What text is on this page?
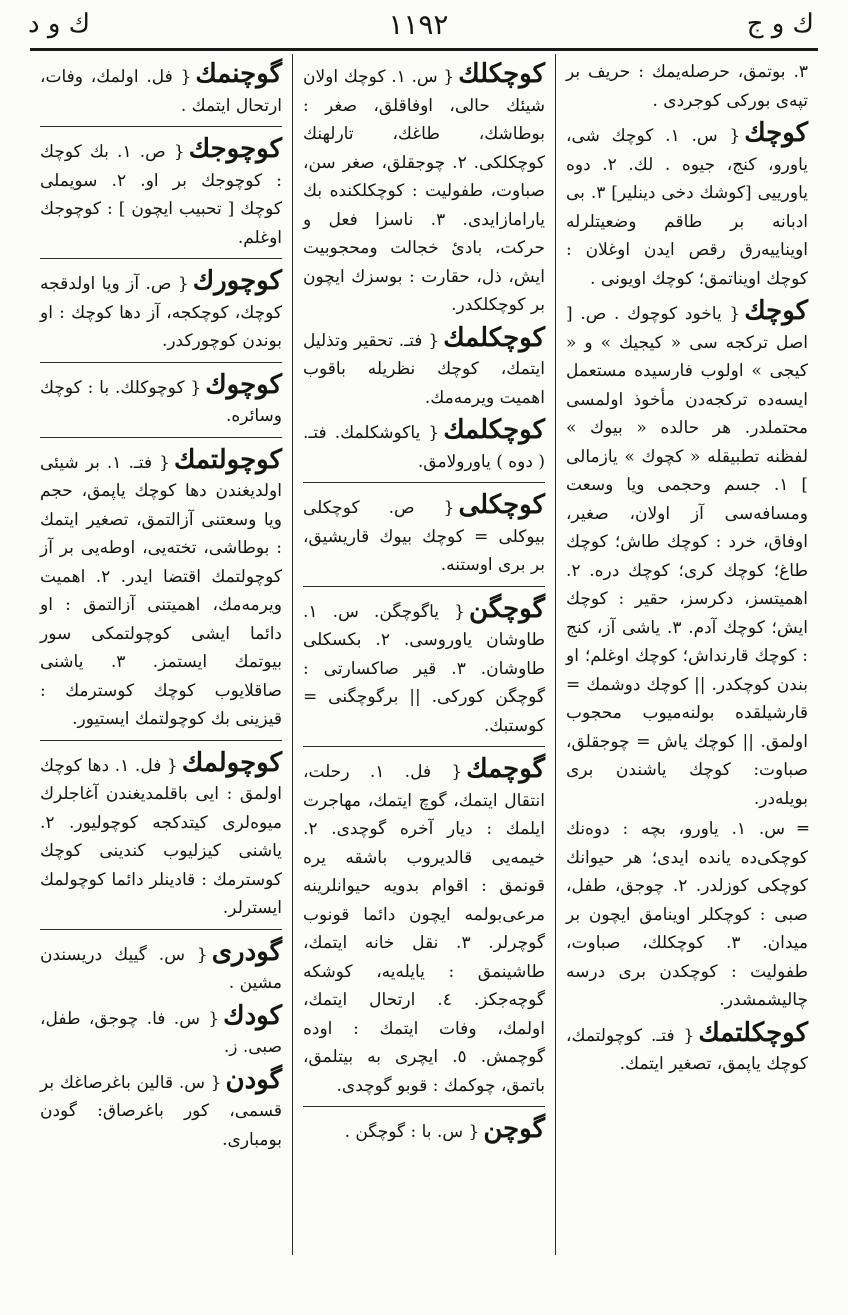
ك و ج
١١٩٢
ك و د
٣. بوتمق، حرصله‌یمك : حریف بر تپه‌ی بورکی کوجردی .
کوچك{ س. ١. کوچك شی، یاورو، کنج، جیوه . لك. ٢. دوه یاورییی [کوشك دخی دینلیر] ٣. بی ادبانه بر طاقم وضعیتلرله اویناییه‌رق رقص ایدن اوغلان : کوچك اویناتمق؛ کوچك اویونی .
کوچك{ یاخود کوچوك . ص. [ اصل ترکجه سی « کیجیك » و « کیجی » اولوب فارسیده مستعمل ایسه‌ده ترکجه‌دن مأخوذ اولمسی محتملدر. هر حالده « بیوك » لفظنه تطبیقله « کچوك » یازمالی ] ١. جسم وحجمی ویا وسعت ومسافه‌سی آز اولان، صغیر، اوفاق، خرد : کوچك طاش؛ کوچك طاغ؛ کوچك کری؛ کوچك دره. ٢. اهمیتسز، دکرسز، حقیر : کوچك ایش؛ کوچك آدم. ٣. یاشی آز، کنج : کوچك قارنداش؛ کوچك اوغلم؛ او بندن کوچکدر. || کوچك دوشمك = قارشیلقده بولنه‌میوب محجوب اولمق. || کوچك یاش = چوجقلق، صباوت: کوچك یاشندن بری بویله‌در.
═ س. ١. یاورو، بچه : دوه‌نك کوچکی‌ده یانده ایدی؛ هر حیوانك کوچکی کوزلدر. ٢. چوجق، طفل، صبی : کوچکلر اوینامق ایچون بر میدان. ٣. کوچکلك، صباوت، طفولیت : کوچکدن بری درسه چالیشمشدر.
کوچکلتمك{ فتـ. کوچولتمك، کوچك یاپمق، تصغیر ایتمك.
کوچکلك{ س. ١. کوچك اولان شیئك حالی، اوفاقلق، صغر : بوطاشك، طاغك، تارلهنك کوچکلکی. ٢. چوجقلق، صغر سن، صباوت، طفولیت : کوچکلکنده بك یارامازایدی. ٣. ناسزا فعل و حرکت، بادیٔ خجالت ومحجوبیت ایش، ذل، حقارت : بوسزك ایچون بر کوچکلکدر.
کوچکلمك{ فتـ. تحقیر وتذلیل ایتمك، کوچك نظریله باقوب اهمیت ویرمه‌مك.
کوچکلمك{ یاکوشکلمك. فتـ. ( دوه ) یاورولا‌مق.
کوچکلی{ ص. کوچکلی بیوکلی = کوچك بیوك قاریشیق، بر بری اوستنه.
گوچگن{ یاگوچگن. س. ١. طاوشان یاورو‌سی. ٢. بکسکلی طاوشان. ٣. قیر صاکسارتی : گوچگن کورکی. || برگوچگنی = کوستبك.
گوچمك{ فل. ١. رحلت، انتقال ایتمك، گوچ ایتمك، مهاجرت ایلمك : دیار آخره گوچدی. ٢. خیمه‌یی قالدیروب باشقه یره قونمق : اقوام بدویه حیوانلرینه مرعی‌بولمه ایچون دائما قونوب گوچرلر. ٣. نقل خانه ایتمك، طاشینمق : یایله‌یه، کوشکه گوچه‌جکز. ٤. ارتحال ایتمك، اولمك، وفات ایتمك : اوده گوچمش. ٥. ایچری به بیتلمق، باتمق، چوکمك : قوبو گوچدی.
گوچن{ س. با : گوچگن .
گوچنمك{ فل. اولمك، وفات، ارتحال ایتمك .
کوچوجك{ ص. ١. بك کوچك : کوچوجك بر او. ٢. سویملی کوچك [ تحبیب ایچون ] : کوچوجك اوغلم.
کوچورك{ ص. آز ویا اولدقجه کوچك، کوچکجه، آز دها کوچك : او بوندن کوچورکدر.
کوچوك{ کوچوکلك. با : کوچك وسائره.
کوچولتمك{ فتـ. ١. بر شیئی اولدیغندن دها کوچك یاپمق، حجم ویا وسعتنی آزالتمق، تصغیر ایتمك : بوطاشی، تخته‌یی، اوطه‌یی بر آز کوچولتمك اقتضا ایدر. ٢. اهمیت ویرمه‌مك، اهمیتنی آزالتمق : او دائما ایشی کوچولتمکی سور بیوتمك ایستمز. ٣. یاشنی صاقلایوب کوچك کوسترمك : قیزینی بك کوچولتمك ایستیور.
کوچولمك{ فل. ١. دها کوچك اولمق : ایی باقلمدیغندن آغاجلرك میوه‌لری کیتدکجه کوچولیور. ٢. یاشنی کیزلیوب کندینی کوچك کوسترمك : قادینلر دائما کوچولمك ایسترلر.
گودری{ س. گییك دریسندن مشین .
کودك{ س. فا. چوجق، طفل، صبی. ز.
گودن{ س. قالین باغرصاغك بر قسمی، کور باغرصاق: گودن بومباری.
